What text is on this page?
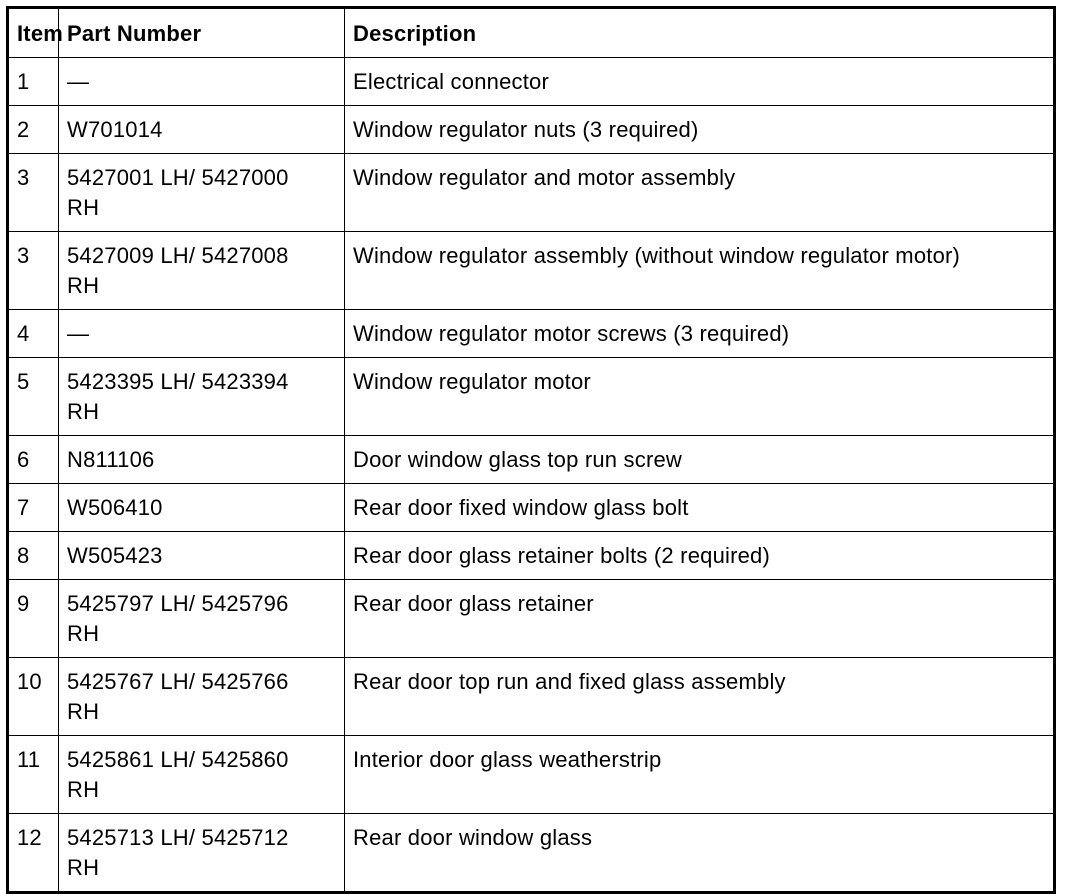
Item	Part Number	Description
1	—	Electrical connector
2	W701014	Window regulator nuts (3 required)
3	5427001 LH/ 5427000 RH	Window regulator and motor assembly
3	5427009 LH/ 5427008 RH	Window regulator assembly (without window regulator motor)
4	—	Window regulator motor screws (3 required)
5	5423395 LH/ 5423394 RH	Window regulator motor
6	N811106	Door window glass top run screw
7	W506410	Rear door fixed window glass bolt
8	W505423	Rear door glass retainer bolts (2 required)
9	5425797 LH/ 5425796 RH	Rear door glass retainer
10	5425767 LH/ 5425766 RH	Rear door top run and fixed glass assembly
11	5425861 LH/ 5425860 RH	Interior door glass weatherstrip
12	5425713 LH/ 5425712 RH	Rear door window glass
